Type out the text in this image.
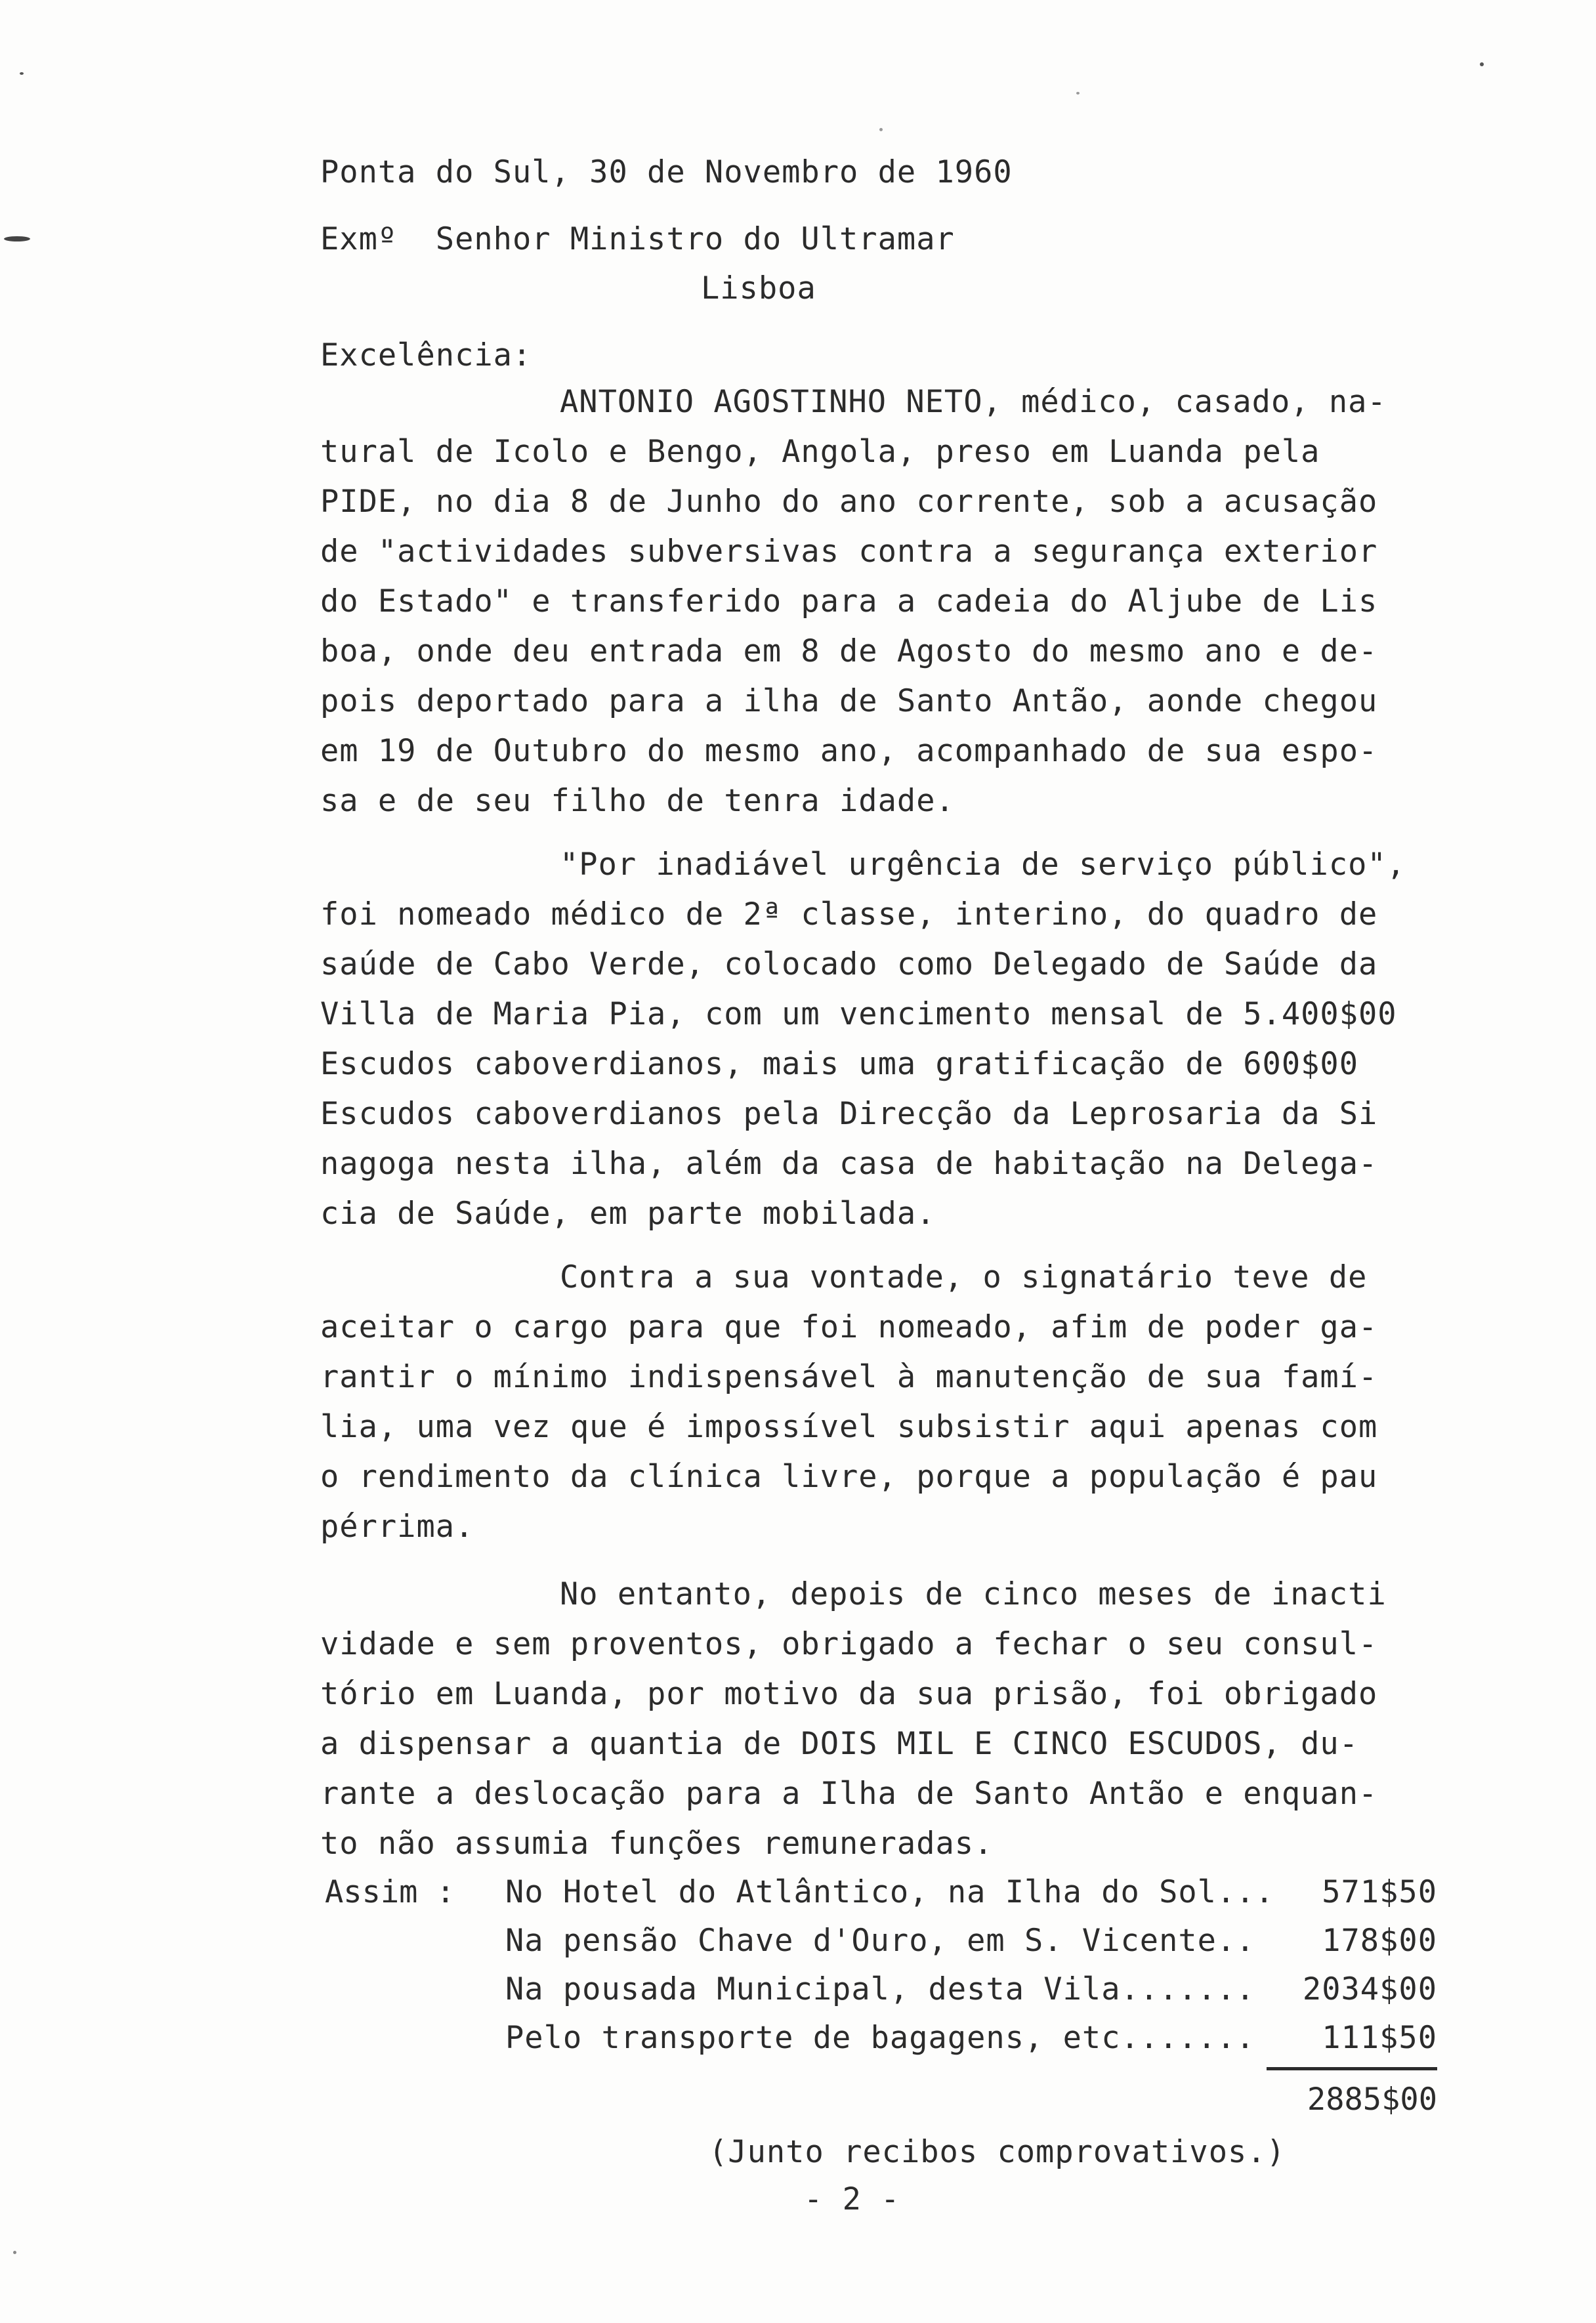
Ponta do Sul, 30 de Novembro de 1960
Exmº  Senhor Ministro do Ultramar
Lisboa
Excelência:
ANTONIO AGOSTINHO NETO, médico, casado, na-
tural de Icolo e Bengo, Angola, preso em Luanda pela
PIDE, no dia 8 de Junho do ano corrente, sob a acusação
de "actividades subversivas contra a segurança exterior
do Estado" e transferido para a cadeia do Aljube de Lis
boa, onde deu entrada em 8 de Agosto do mesmo ano e de-
pois deportado para a ilha de Santo Antão, aonde chegou
em 19 de Outubro do mesmo ano, acompanhado de sua espo-
sa e de seu filho de tenra idade.
"Por inadiável urgência de serviço público",
foi nomeado médico de 2ª classe, interino, do quadro de
saúde de Cabo Verde, colocado como Delegado de Saúde da
Villa de Maria Pia, com um vencimento mensal de 5.400$00
Escudos caboverdianos, mais uma gratificação de 600$00
Escudos caboverdianos pela Direcção da Leprosaria da Si
nagoga nesta ilha, além da casa de habitação na Delega-
cia de Saúde, em parte mobilada.
Contra a sua vontade, o signatário teve de
aceitar o cargo para que foi nomeado, afim de poder ga-
rantir o mínimo indispensável à manutenção de sua famí-
lia, uma vez que é impossível subsistir aqui apenas com
o rendimento da clínica livre, porque a população é pau
pérrima.
No entanto, depois de cinco meses de inacti
vidade e sem proventos, obrigado a fechar o seu consul-
tório em Luanda, por motivo da sua prisão, foi obrigado
a dispensar a quantia de DOIS MIL E CINCO ESCUDOS, du-
rante a deslocação para a Ilha de Santo Antão e enquan-
to não assumia funções remuneradas.
Assim : No Hotel do Atlântico, na Ilha do Sol...	571$50
Na pensão Chave d'Ouro, em S. Vicente..	178$00
Na pousada Municipal, desta Vila.......	2034$00
Pelo transporte de bagagens, etc.......	111$50
2885$00
(Junto recibos comprovativos.)
- 2 -
